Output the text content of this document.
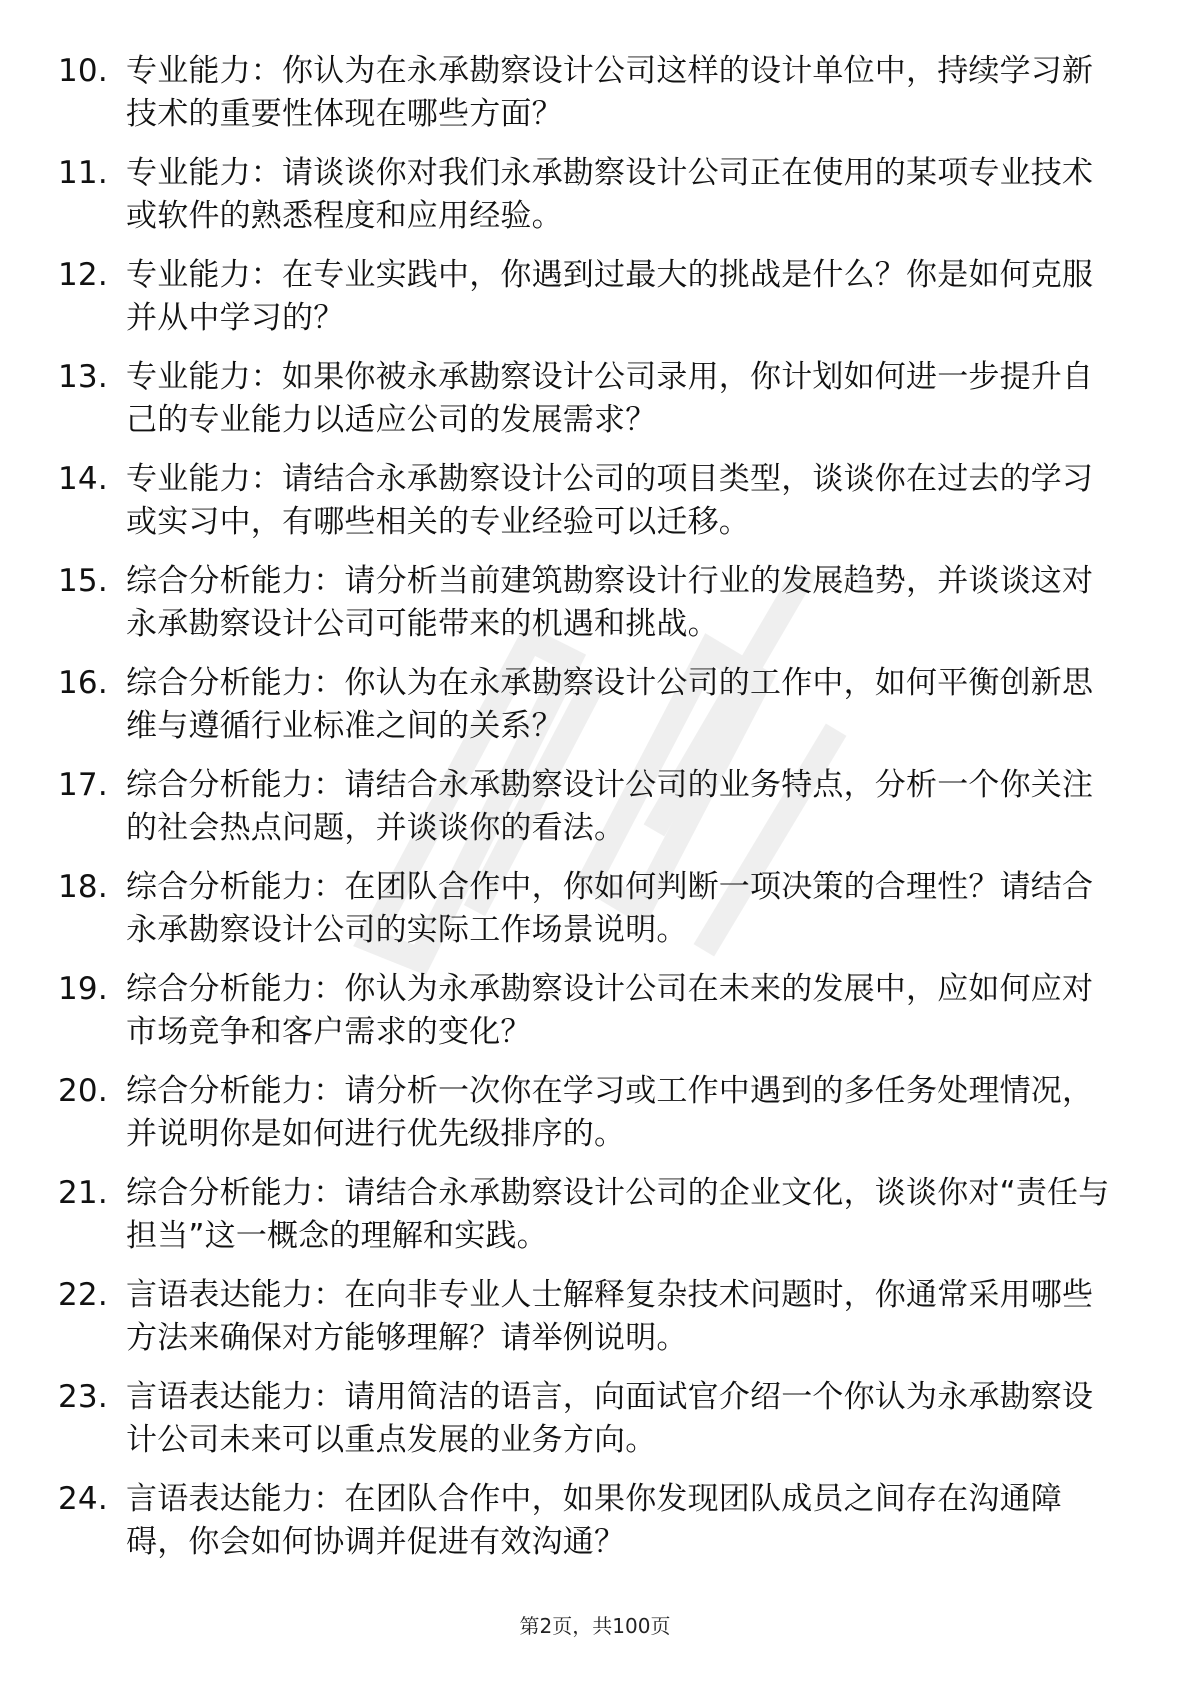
10. 专业能力：你认为在永承勘察设计公司这样的设计单位中，持续学习新技术的重要性体现在哪些方面？
11. 专业能力：请谈谈你对我们永承勘察设计公司正在使用的某项专业技术或软件的熟悉程度和应用经验。
12. 专业能力：在专业实践中，你遇到过最大的挑战是什么？你是如何克服并从中学习的？
13. 专业能力：如果你被永承勘察设计公司录用，你计划如何进一步提升自己的专业能力以适应公司的发展需求？
14. 专业能力：请结合永承勘察设计公司的项目类型，谈谈你在过去的学习或实习中，有哪些相关的专业经验可以迁移。
15. 综合分析能力：请分析当前建筑勘察设计行业的发展趋势，并谈谈这对永承勘察设计公司可能带来的机遇和挑战。
16. 综合分析能力：你认为在永承勘察设计公司的工作中，如何平衡创新思维与遵循行业标准之间的关系？
17. 综合分析能力：请结合永承勘察设计公司的业务特点，分析一个你关注的社会热点问题，并谈谈你的看法。
18. 综合分析能力：在团队合作中，你如何判断一项决策的合理性？请结合永承勘察设计公司的实际工作场景说明。
19. 综合分析能力：你认为永承勘察设计公司在未来的发展中，应如何应对市场竞争和客户需求的变化？
20. 综合分析能力：请分析一次你在学习或工作中遇到的多任务处理情况，并说明你是如何进行优先级排序的。
21. 综合分析能力：请结合永承勘察设计公司的企业文化，谈谈你对“责任与担当”这一概念的理解和实践。
22. 言语表达能力：在向非专业人士解释复杂技术问题时，你通常采用哪些方法来确保对方能够理解？请举例说明。
23. 言语表达能力：请用简洁的语言，向面试官介绍一个你认为永承勘察设计公司未来可以重点发展的业务方向。
24. 言语表达能力：在团队合作中，如果你发现团队成员之间存在沟通障碍，你会如何协调并促进有效沟通？
第2页，共100页
